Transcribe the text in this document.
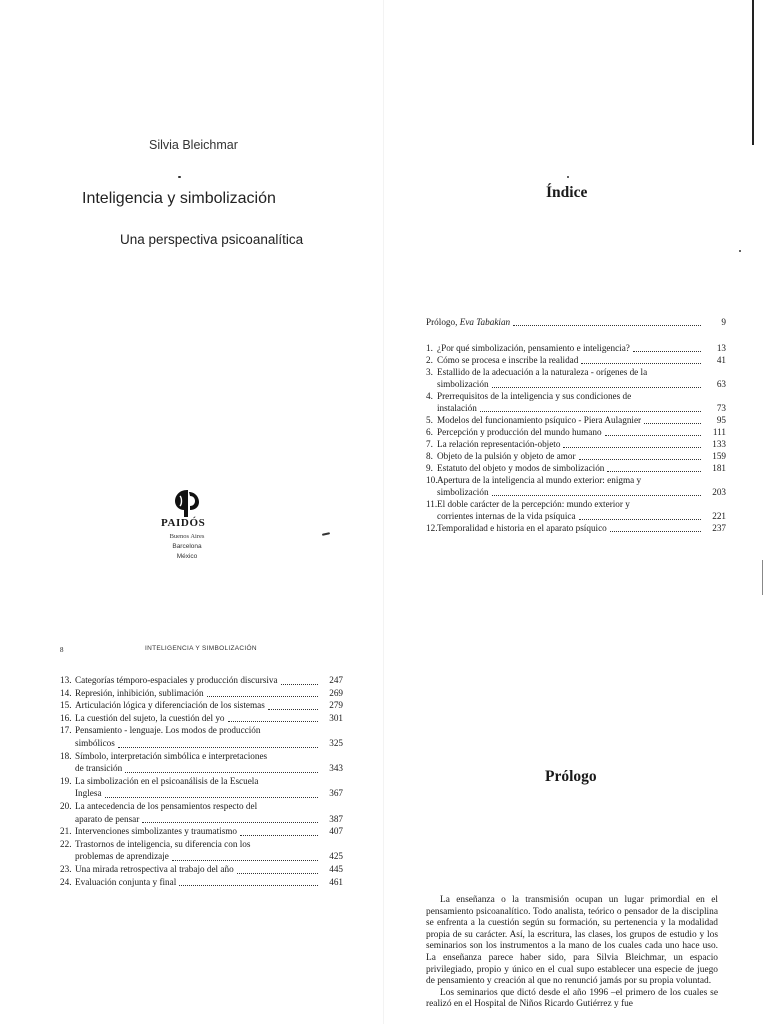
Silvia Bleichmar
Inteligencia y simbolización
Una perspectiva psicoanalítica
PAIDÓS
Buenos Aires
Barcelona
México
Índice
Prólogo, Eva Tabakian	9
1. ¿Por qué simbolización, pensamiento e inteligencia?	13
2. Cómo se procesa e inscribe la realidad	41
3. Estallido de la adecuación a la naturaleza - orígenes de la
simbolización	63
4. Prerrequisitos de la inteligencia y sus condiciones de
instalación	73
5. Modelos del funcionamiento psíquico - Piera Aulagnier	95
6. Percepción y producción del mundo humano	111
7. La relación representación-objeto	133
8. Objeto de la pulsión y objeto de amor	159
9. Estatuto del objeto y modos de simbolización	181
10. Apertura de la inteligencia al mundo exterior: enigma y
simbolización	203
11. El doble carácter de la percepción: mundo exterior y
corrientes internas de la vida psíquica	221
12. Temporalidad e historia en el aparato psíquico	237
8	INTELIGENCIA Y SIMBOLIZACIÓN
13. Categorías témporo-espaciales y producción discursiva	247
14. Represión, inhibición, sublimación	269
15. Articulación lógica y diferenciación de los sistemas	279
16. La cuestión del sujeto, la cuestión del yo	301
17. Pensamiento - lenguaje. Los modos de producción
simbólicos	325
18. Símbolo, interpretación simbólica e interpretaciones
de transición	343
19. La simbolización en el psicoanálisis de la Escuela
Inglesa	367
20. La antecedencia de los pensamientos respecto del
aparato de pensar	387
21. Intervenciones simbolizantes y traumatismo	407
22. Trastornos de inteligencia, su diferencia con los
problemas de aprendizaje	425
23. Una mirada retrospectiva al trabajo del año	445
24. Evaluación conjunta y final	461
Prólogo
La enseñanza o la transmisión ocupan un lugar primordial en el pensamiento psicoanalítico. Todo analista, teórico o pensador de la disciplina se enfrenta a la cuestión según su formación, su pertenencia y la modalidad propia de su carácter. Así, la escritura, las clases, los grupos de estudio y los seminarios son los instrumentos a la mano de los cuales cada uno hace uso. La enseñanza parece haber sido, para Silvia Bleichmar, un espacio privilegiado, propio y único en el cual supo establecer una especie de juego de pensamiento y creación al que no renunció jamás por su propia voluntad.
Los seminarios que dictó desde el año 1996 –el primero de los cuales se realizó en el Hospital de Niños Ricardo Gutiérrez y fue
